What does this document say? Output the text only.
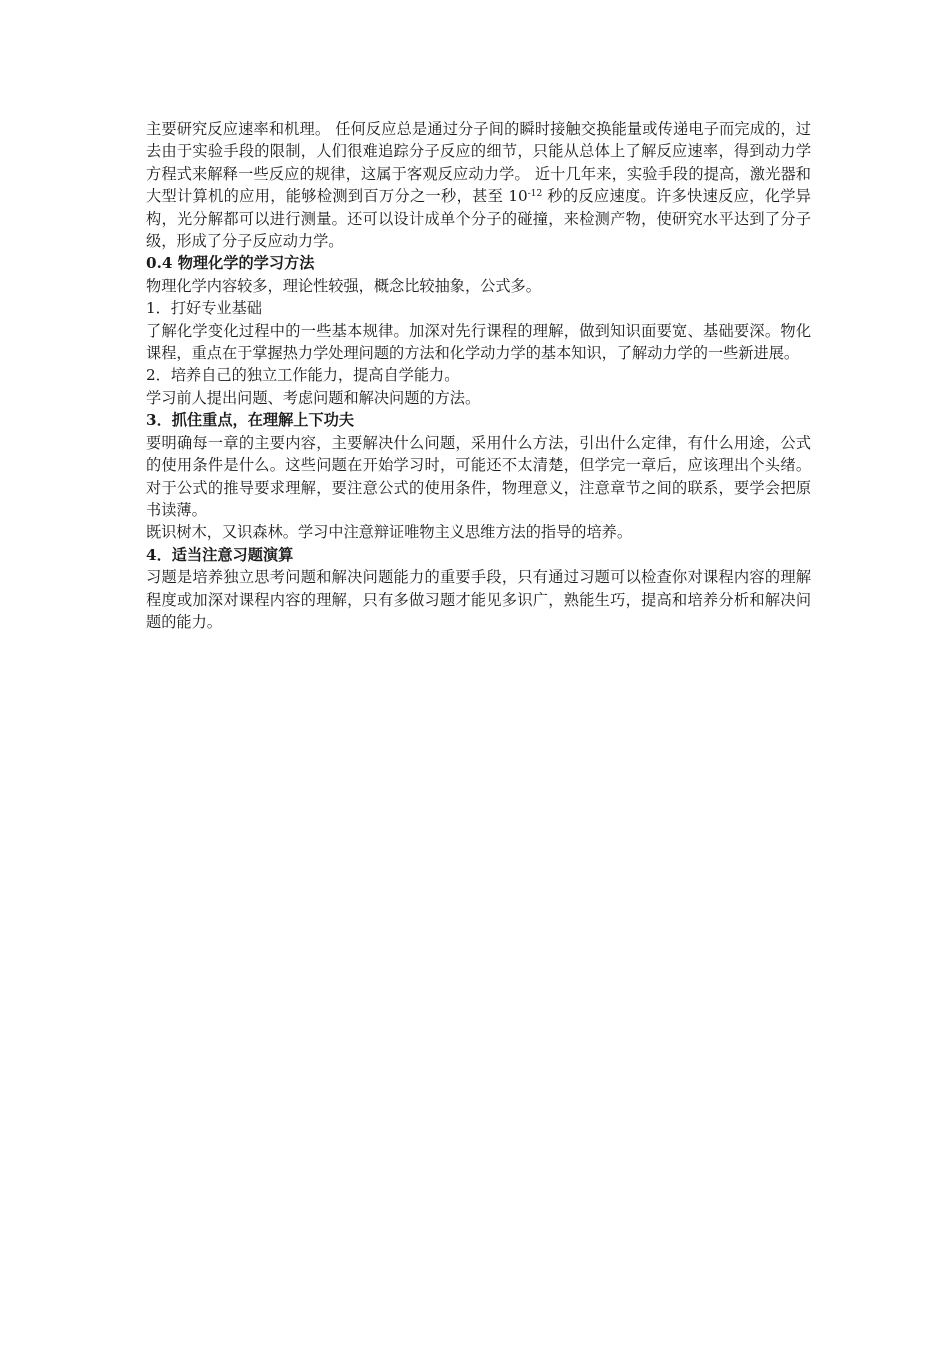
主要研究反应速率和机理。 任何反应总是通过分子间的瞬时接触交换能量或传递电子而完成的，过去由于实验手段的限制，人们很难追踪分子反应的细节，只能从总体上了解反应速率，得到动力学方程式来解释一些反应的规律，这属于客观反应动力学。 近十几年来，实验手段的提高，激光器和大型计算机的应用，能够检测到百万分之一秒，甚至 $10^{-12}$ 秒的反应速度。许多快速反应，化学异构，光分解都可以进行测量。还可以设计成单个分子的碰撞，来检测产物，使研究水平达到了分子级，形成了分子反应动力学。

0.4 物理化学的学习方法

物理化学内容较多，理论性较强，概念比较抽象，公式多。

1．打好专业基础

了解化学变化过程中的一些基本规律。加深对先行课程的理解，做到知识面要宽、基础要深。物化课程，重点在于掌握热力学处理问题的方法和化学动力学的基本知识，了解动力学的一些新进展。

2．培养自己的独立工作能力，提高自学能力。

学习前人提出问题、考虑问题和解决问题的方法。

3．抓住重点，在理解上下功夫

要明确每一章的主要内容，主要解决什么问题，采用什么方法，引出什么定律，有什么用途，公式的使用条件是什么。这些问题在开始学习时，可能还不太清楚，但学完一章后，应该理出个头绪。对于公式的推导要求理解，要注意公式的使用条件，物理意义，注意章节之间的联系，要学会把原书读薄。

既识树木，又识森林。学习中注意辩证唯物主义思维方法的指导的培养。

4．适当注意习题演算

习题是培养独立思考问题和解决问题能力的重要手段，只有通过习题可以检查你对课程内容的理解程度或加深对课程内容的理解，只有多做习题才能见多识广，熟能生巧，提高和培养分析和解决问题的能力。
